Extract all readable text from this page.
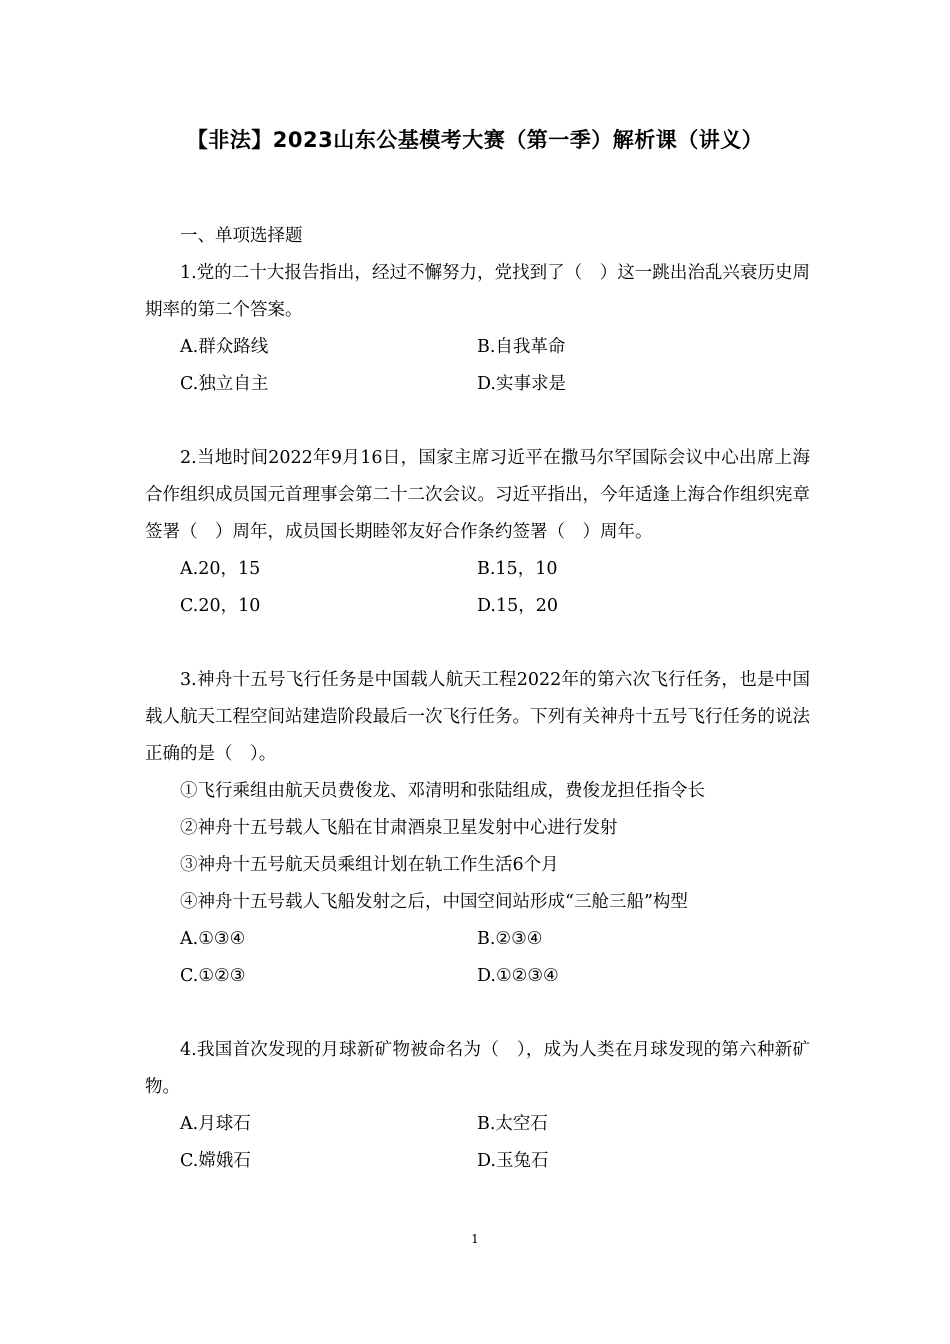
【非法】2023山东公基模考大赛（第一季）解析课（讲义）

一、单项选择题

1.党的二十大报告指出，经过不懈努力，党找到了（　）这一跳出治乱兴衰历史周期率的第二个答案。

A.群众路线	B.自我革命
C.独立自主	D.实事求是

2.当地时间2022年9月16日，国家主席习近平在撒马尔罕国际会议中心出席上海合作组织成员国元首理事会第二十二次会议。习近平指出，今年适逢上海合作组织宪章签署（　）周年，成员国长期睦邻友好合作条约签署（　）周年。

A.20，15	B.15，10
C.20，10	D.15，20

3.神舟十五号飞行任务是中国载人航天工程2022年的第六次飞行任务，也是中国载人航天工程空间站建造阶段最后一次飞行任务。下列有关神舟十五号飞行任务的说法正确的是（　）。

①飞行乘组由航天员费俊龙、邓清明和张陆组成，费俊龙担任指令长

②神舟十五号载人飞船在甘肃酒泉卫星发射中心进行发射

③神舟十五号航天员乘组计划在轨工作生活6个月

④神舟十五号载人飞船发射之后，中国空间站形成“三舱三船”构型

A.①③④	B.②③④
C.①②③	D.①②③④

4.我国首次发现的月球新矿物被命名为（　），成为人类在月球发现的第六种新矿物。

A.月球石	B.太空石
C.嫦娥石	D.玉兔石
1
